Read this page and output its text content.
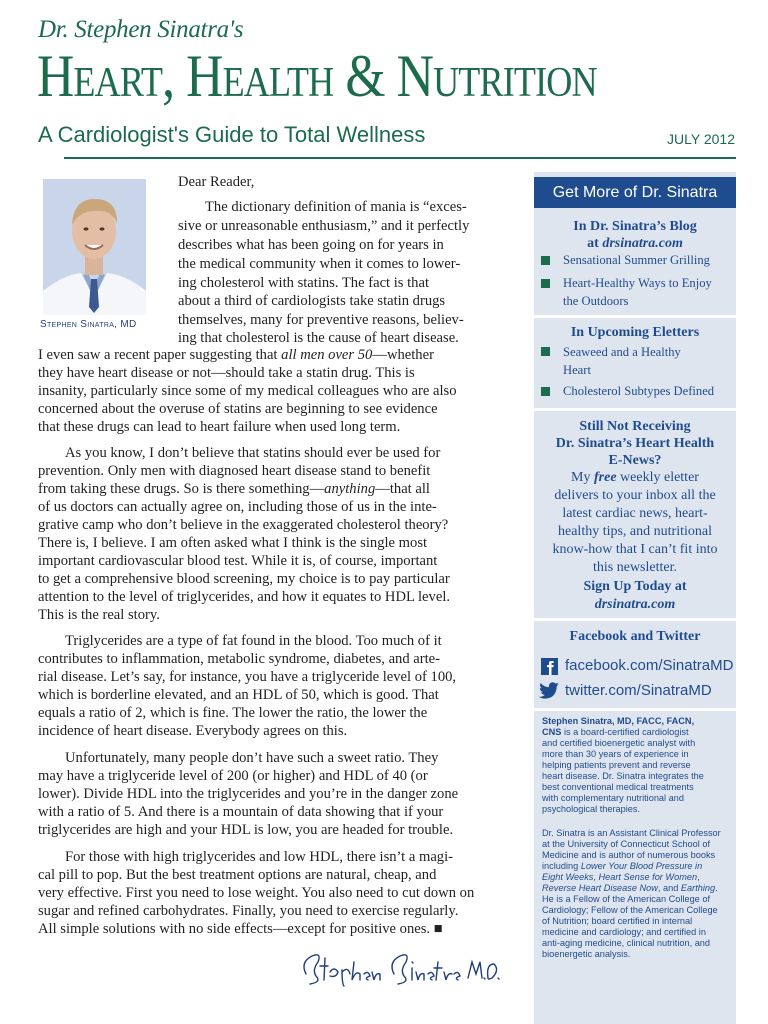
Dr. Stephen Sinatra's
Heart, Health & Nutrition
A Cardiologist's Guide to Total Wellness	JULY 2012
Stephen Sinatra, MD
Dear Reader,
The dictionary definition of mania is “exces-
sive or unreasonable enthusiasm,” and it perfectly
describes what has been going on for years in
the medical community when it comes to lower-
ing cholesterol with statins. The fact is that
about a third of cardiologists take statin drugs
themselves, many for preventive reasons, believ-
ing that cholesterol is the cause of heart disease.
I even saw a recent paper suggesting that all men over 50—whether
they have heart disease or not—should take a statin drug. This is
insanity, particularly since some of my medical colleagues who are also
concerned about the overuse of statins are beginning to see evidence
that these drugs can lead to heart failure when used long term.
As you know, I don’t believe that statins should ever be used for
prevention. Only men with diagnosed heart disease stand to benefit
from taking these drugs. So is there something—anything—that all
of us doctors can actually agree on, including those of us in the inte-
grative camp who don’t believe in the exaggerated cholesterol theory?
There is, I believe. I am often asked what I think is the single most
important cardiovascular blood test. While it is, of course, important
to get a comprehensive blood screening, my choice is to pay particular
attention to the level of triglycerides, and how it equates to HDL level.
This is the real story.
Triglycerides are a type of fat found in the blood. Too much of it
contributes to inflammation, metabolic syndrome, diabetes, and arte-
rial disease. Let’s say, for instance, you have a triglyceride level of 100,
which is borderline elevated, and an HDL of 50, which is good. That
equals a ratio of 2, which is fine. The lower the ratio, the lower the
incidence of heart disease. Everybody agrees on this.
Unfortunately, many people don’t have such a sweet ratio. They
may have a triglyceride level of 200 (or higher) and HDL of 40 (or
lower). Divide HDL into the triglycerides and you’re in the danger zone
with a ratio of 5. And there is a mountain of data showing that if your
triglycerides are high and your HDL is low, you are headed for trouble.
For those with high triglycerides and low HDL, there isn’t a magi-
cal pill to pop. But the best treatment options are natural, cheap, and
very effective. First you need to lose weight. You also need to cut down on
sugar and refined carbohydrates. Finally, you need to exercise regularly.
All simple solutions with no side effects—except for positive ones. ■
Get More of Dr. Sinatra
In Dr. Sinatra’s Blog
at drsinatra.com
Sensational Summer Grilling
Heart-Healthy Ways to Enjoy
the Outdoors
In Upcoming Eletters
Seaweed and a Healthy
Heart
Cholesterol Subtypes Defined
Still Not Receiving
Dr. Sinatra’s Heart Health
E-News?
My free weekly eletter
delivers to your inbox all the
latest cardiac news, heart-
healthy tips, and nutritional
know-how that I can’t fit into
this newsletter.
Sign Up Today at
drsinatra.com
Facebook and Twitter
facebook.com/SinatraMD
twitter.com/SinatraMD
Stephen Sinatra, MD, FACC, FACN,
CNS is a board-certified cardiologist
and certified bioenergetic analyst with
more than 30 years of experience in
helping patients prevent and reverse
heart disease. Dr. Sinatra integrates the
best conventional medical treatments
with complementary nutritional and
psychological therapies.
Dr. Sinatra is an Assistant Clinical Professor
at the University of Connecticut School of
Medicine and is author of numerous books
including Lower Your Blood Pressure in
Eight Weeks, Heart Sense for Women,
Reverse Heart Disease Now, and Earthing.
He is a Fellow of the American College of
Cardiology; Fellow of the American College
of Nutrition; board certified in internal
medicine and cardiology; and certified in
anti-aging medicine, clinical nutrition, and
bioenergetic analysis.
